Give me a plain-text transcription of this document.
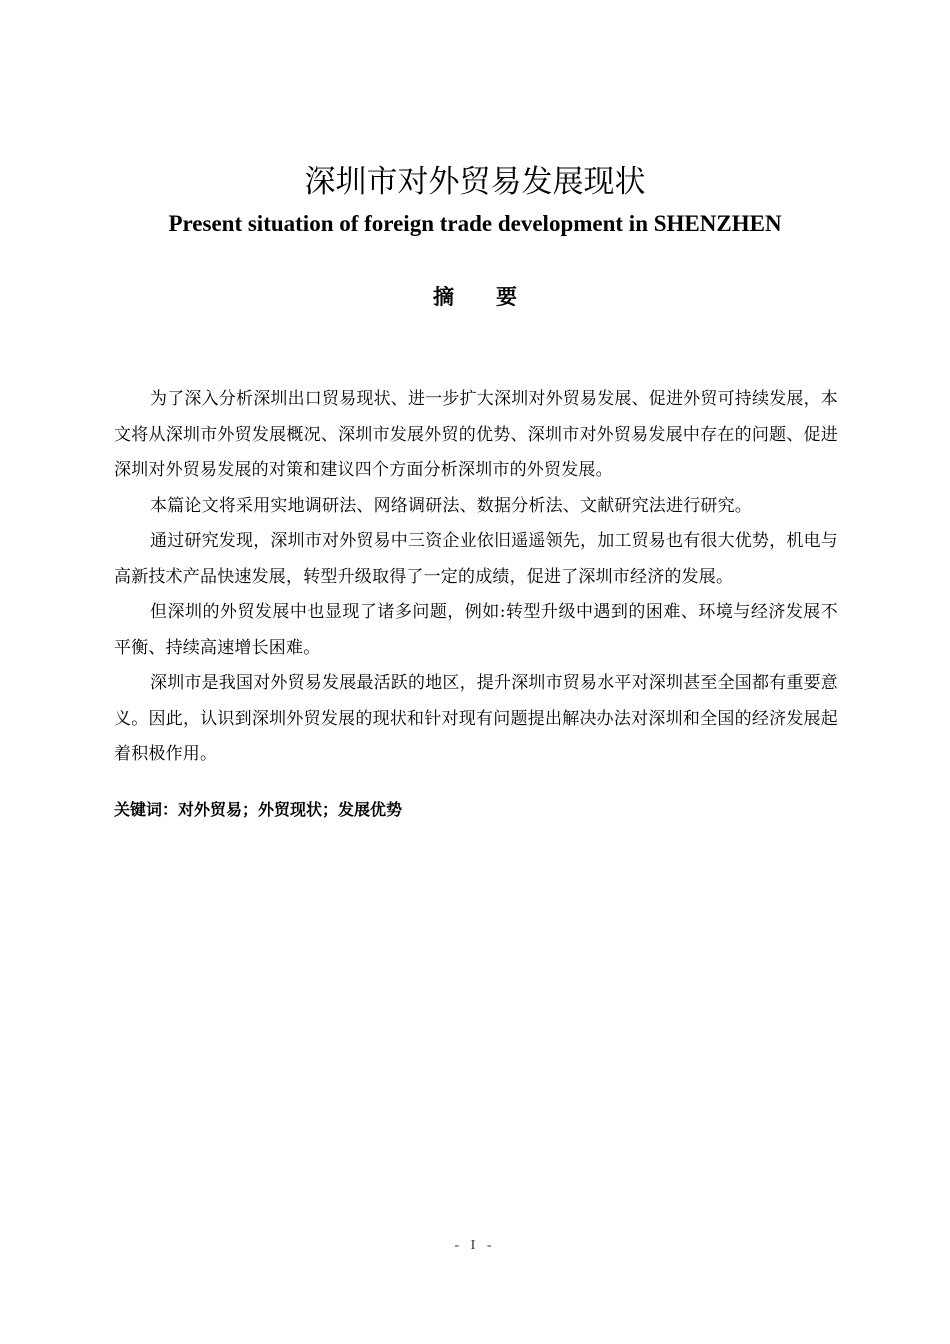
深圳市对外贸易发展现状
Present situation of foreign trade development in SHENZHEN
摘要

为了深入分析深圳出口贸易现状、进一步扩大深圳对外贸易发展、促进外贸可持续发展，本文将从深圳市外贸发展概况、深圳市发展外贸的优势、深圳市对外贸易发展中存在的问题、促进深圳对外贸易发展的对策和建议四个方面分析深圳市的外贸发展。

本篇论文将采用实地调研法、网络调研法、数据分析法、文献研究法进行研究。

通过研究发现，深圳市对外贸易中三资企业依旧遥遥领先，加工贸易也有很大优势，机电与高新技术产品快速发展，转型升级取得了一定的成绩，促进了深圳市经济的发展。

但深圳的外贸发展中也显现了诸多问题，例如:转型升级中遇到的困难、环境与经济发展不平衡、持续高速增长困难。

深圳市是我国对外贸易发展最活跃的地区，提升深圳市贸易水平对深圳甚至全国都有重要意义。因此，认识到深圳外贸发展的现状和针对现有问题提出解决办法对深圳和全国的经济发展起着积极作用。

关键词：对外贸易；外贸现状；发展优势

- I -
